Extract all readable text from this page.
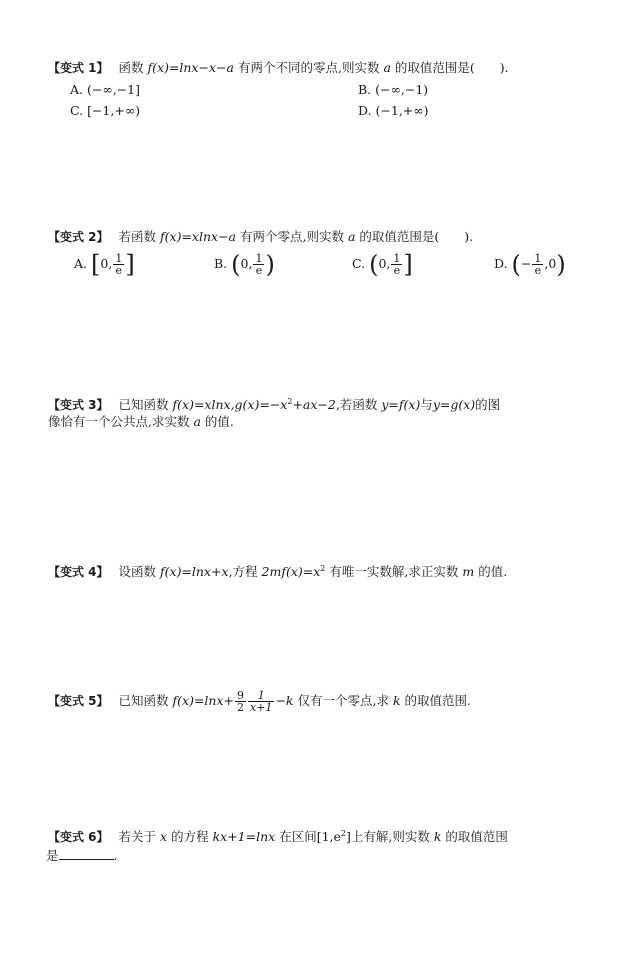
【变式 1】 函数 f(x)=lnx−x−a 有两个不同的零点,则实数 a 的取值范围是(　　).
A. (−∞,−1]	B. (−∞,−1)
C. [−1,+∞)	D. (−1,+∞)
【变式 2】 若函数 f(x)=xlnx−a 有两个零点,则实数 a 的取值范围是(　　).
A. [0, $\frac{1}{e}$ ]	B. (0, $\frac{1}{e}$ )	C. (0, $\frac{1}{e}$ ]	D. (− $\frac{1}{e} ,0$)
【变式 3】 已知函数 $f(x)=xlnx,g(x)=-x^2+ax-2$,若函数 y=f(x)与y=g(x)的图
像恰有一个公共点,求实数 a 的值.
【变式 4】 设函数 f(x)=lnx+x,方程 $2mf(x)=x^2$ 有唯一实数解,求正实数 m 的值.
【变式 5】 已知函数 $f(x)=\ln x+ \frac{9}{2} \frac{1}{x+1} -k$ 仅有一个零点,求 k 的取值范围.
【变式 6】 若关于 x 的方程 kx+1=lnx 在区间$[1,e^2]$上有解,则实数 k 的取值范围
是	.
